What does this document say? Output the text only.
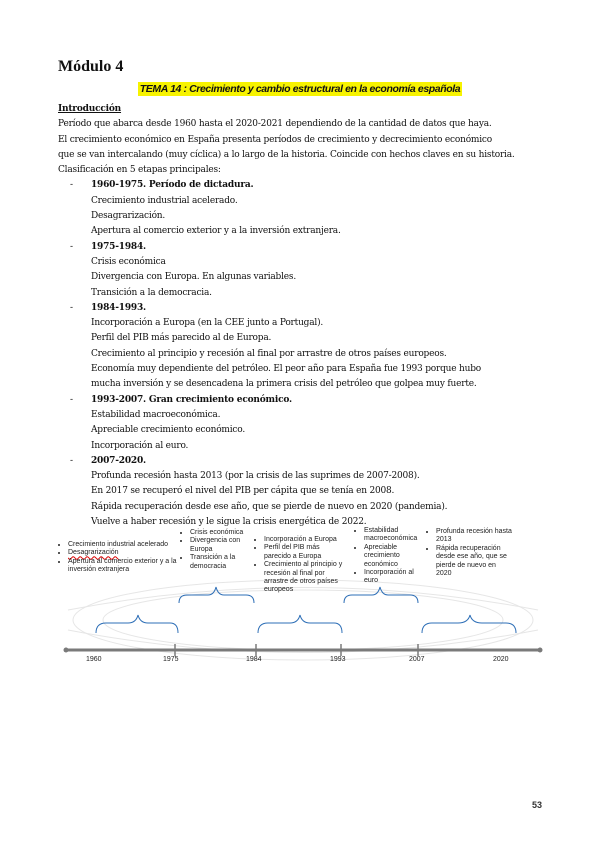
Módulo 4
TEMA 14 : Crecimiento y cambio estructural en la economía española
Introducción
Período que abarca desde 1960 hasta el 2020-2021 dependiendo de la cantidad de datos que haya.
El crecimiento económico en España presenta períodos de crecimiento y decrecimiento económico
que se van intercalando (muy cíclica) a lo largo de la historia. Coincide con hechos claves en su historia.
Clasificación en 5 etapas principales:
- 1960-1975. Período de dictadura.
Crecimiento industrial acelerado.
Desagrarización.
Apertura al comercio exterior y a la inversión extranjera.
- 1975-1984.
Crisis económica
Divergencia con Europa. En algunas variables.
Transición a la democracia.
- 1984-1993.
Incorporación a Europa (en la CEE junto a Portugal).
Perfil del PIB más parecido al de Europa.
Crecimiento al principio y recesión al final por arrastre de otros países europeos.
Economía muy dependiente del petróleo. El peor año para España fue 1993 porque hubo
mucha inversión y se desencadena la primera crisis del petróleo que golpea muy fuerte.
- 1993-2007. Gran crecimiento económico.
Estabilidad macroeconómica.
Apreciable crecimiento económico.
Incorporación al euro.
- 2007-2020.
Profunda recesión hasta 2013 (por la crisis de las suprimes de 2007-2008).
En 2017 se recuperó el nivel del PIB per cápita que se tenía en 2008.
Rápida recuperación desde ese año, que se pierde de nuevo en 2020 (pandemia).
Vuelve a haber recesión y le sigue la crisis energética de 2022.
• Crecimiento industrial acelerado
• Desagrarización
• Apertura al comercio exterior y a la inversión extranjera
• Crisis económica
• Divergencia con Europa
• Transición a la democracia
• Incorporación a Europa
• Perfil del PIB más parecido a Europa
• Crecimiento al principio y recesión al final por arrastre de otros países europeos
• Estabilidad macroeconómica
• Apreciable crecimiento económico
• Incorporación al euro
• Profunda recesión hasta 2013
• Rápida recuperación desde ese año, que se pierde de nuevo en 2020
1960	1975	1984	1993	2007	2020
53
